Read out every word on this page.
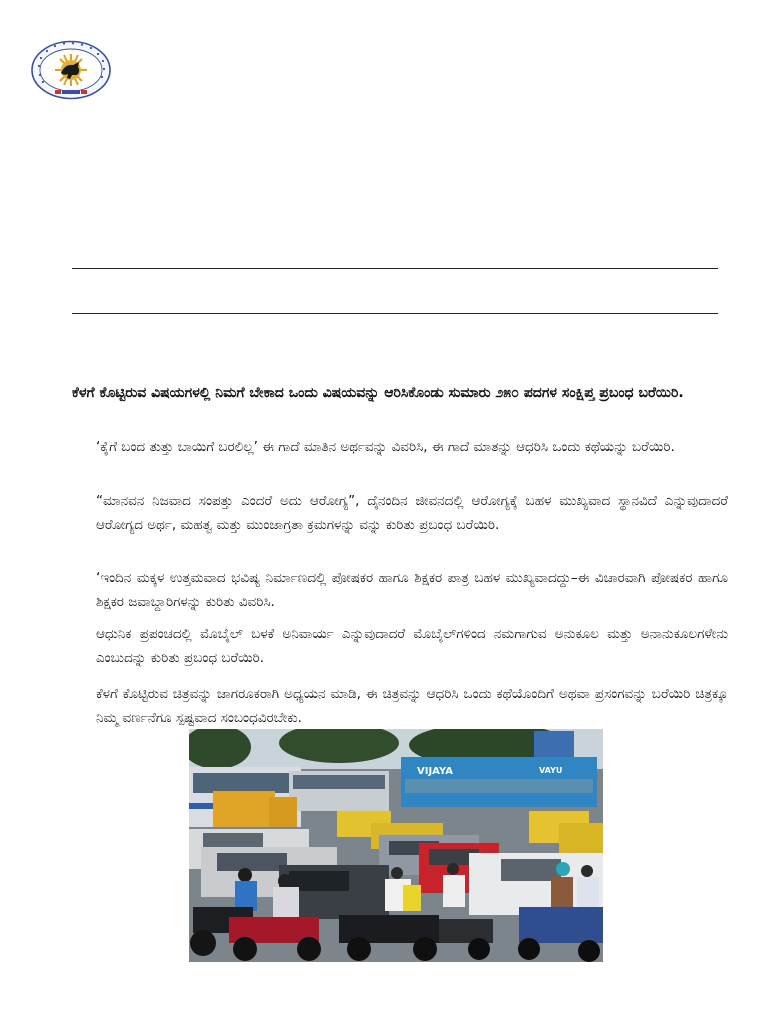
ಕೆಳಗೆ ಕೊಟ್ಟಿರುವ ವಿಷಯಗಳಲ್ಲಿ ನಿಮಗೆ ಬೇಕಾದ ಒಂದು ವಿಷಯವನ್ನು ಆರಿಸಿಕೊಂಡು ಸುಮಾರು ೨೫೦ ಪದಗಳ ಸಂಕ್ಷಿಪ್ತ ಪ್ರಬಂಧ ಬರೆಯಿರಿ.
‘ಕೈಗೆ ಬಂದ ತುತ್ತು ಬಾಯಿಗೆ ಬರಲಿಲ್ಲ’ ಈ ಗಾದೆ ಮಾತಿನ ಅರ್ಥವನ್ನು ವಿವರಿಸಿ, ಈ ಗಾದೆ ಮಾತನ್ನು ಆಧರಿಸಿ ಒಂದು ಕಥೆಯನ್ನು ಬರೆಯಿರಿ.
“ಮಾನವನ ನಿಜವಾದ ಸಂಪತ್ತು ಎಂದರೆ ಅದು ಆರೋಗ್ಯ”, ದೈನಂದಿನ ಜೀವನದಲ್ಲಿ ಆರೋಗ್ಯಕ್ಕೆ ಬಹಳ ಮುಖ್ಯವಾದ ಸ್ಥಾನವಿದೆ ಎನ್ನುವುದಾದರೆ ಆರೋಗ್ಯದ ಅರ್ಥ, ಮಹತ್ವ ಮತ್ತು ಮುಂಜಾಗ್ರತಾ ಕ್ರಮಗಳನ್ನು ವನ್ನು ಕುರಿತು ಪ್ರಬಂಧ ಬರೆಯಿರಿ.
‘ಇಂದಿನ ಮಕ್ಕಳ ಉತ್ತಮವಾದ ಭವಿಷ್ಯ ನಿರ್ಮಾಣದಲ್ಲಿ ಪೋಷಕರ ಹಾಗೂ ಶಿಕ್ಷಕರ ಪಾತ್ರ ಬಹಳ ಮುಖ್ಯವಾದದ್ದು–ಈ ವಿಚಾರವಾಗಿ ಪೋಷಕರ ಹಾಗೂ ಶಿಕ್ಷಕರ ಜವಾಬ್ದಾರಿಗಳನ್ನು ಕುರಿತು ವಿವರಿಸಿ.
ಆಧುನಿಕ ಪ್ರಪಂಚದಲ್ಲಿ ಮೊಬೈಲ್ ಬಳಕೆ ಅನಿವಾರ್ಯ ಎನ್ನುವುದಾದರೆ ಮೊಬೈಲ್‌ಗಳಿಂದ ನಮಗಾಗುವ ಅನುಕೂಲ ಮತ್ತು ಅನಾನುಕೂಲಗಳೇನು ಎಂಬುದನ್ನು ಕುರಿತು ಪ್ರಬಂಧ ಬರೆಯಿರಿ.
ಕೆಳಗೆ ಕೊಟ್ಟಿರುವ ಚಿತ್ರವನ್ನು ಜಾಗರೂಕರಾಗಿ ಅಧ್ಯಯನ ಮಾಡಿ, ಈ ಚಿತ್ರವನ್ನು ಆಧರಿಸಿ ಒಂದು ಕಥೆಯೊಂದಿಗೆ ಅಥವಾ ಪ್ರಸಂಗವನ್ನು ಬರೆಯಿರಿ ಚಿತ್ರಕ್ಕೂ ನಿಮ್ಮ ವರ್ಣನೆಗೂ ಸ್ಪಷ್ಟವಾದ ಸಂಬಂಧವಿರಬೇಕು.
VIJAYA	VAYU
